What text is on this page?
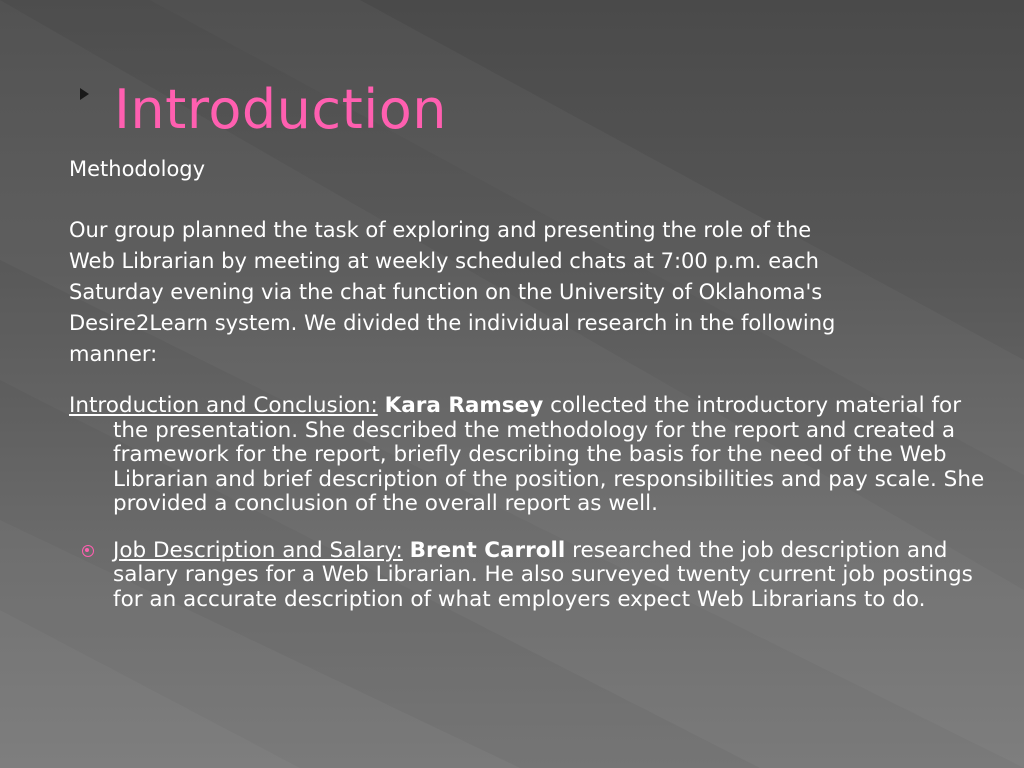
Introduction

Methodology

Our group planned the task of exploring and presenting the role of the

Web Librarian by meeting at weekly scheduled chats at 7:00 p.m. each

Saturday evening via the chat function on the University of Oklahoma's

Desire2Learn system. We divided the individual research in the following

manner:

Introduction and Conclusion: Kara Ramsey collected the introductory material for the presentation. She described the methodology for the report and created a framework for the report, briefly describing the basis for the need of the Web Librarian and brief description of the position, responsibilities and pay scale. She provided a conclusion of the overall report as well.

Job Description and Salary: Brent Carroll researched the job description and salary ranges for a Web Librarian. He also surveyed twenty current job postings for an accurate description of what employers expect Web Librarians to do.
